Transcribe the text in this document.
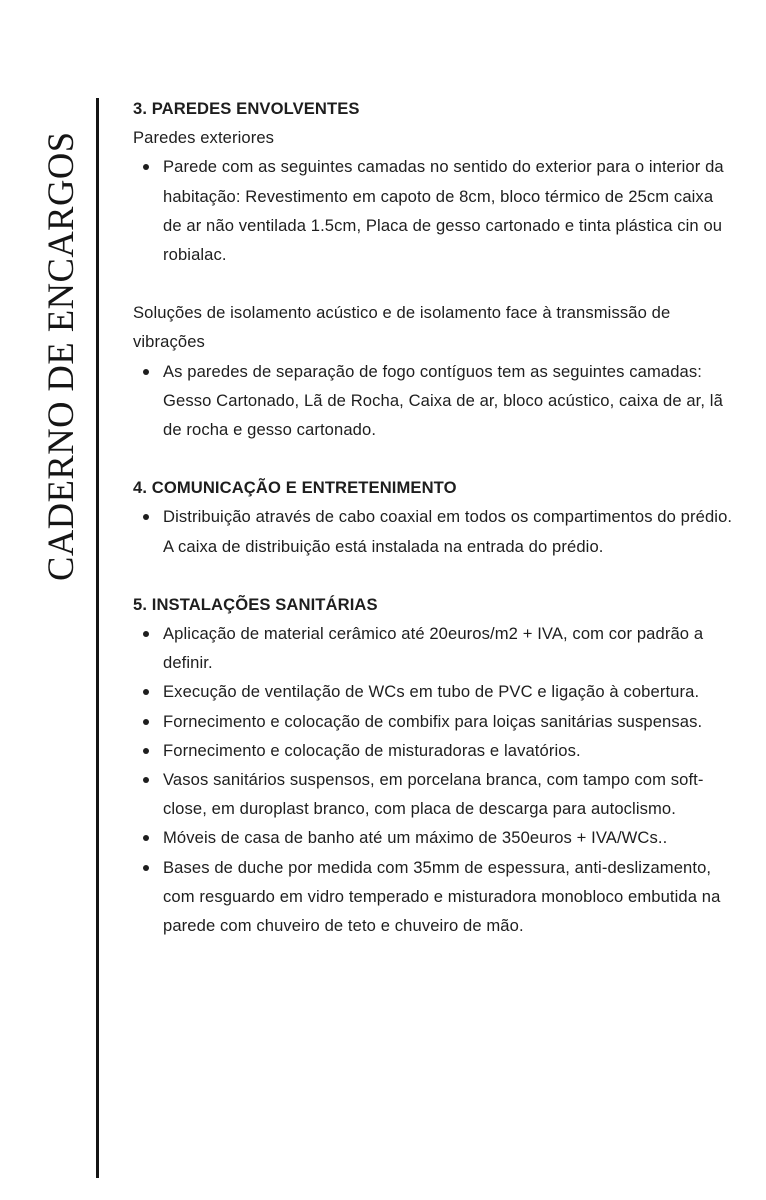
CADERNO DE ENCARGOS

3. PAREDES ENVOLVENTES

Paredes exteriores

Parede com as seguintes camadas no sentido do exterior para o interior da habitação: Revestimento em capoto de 8cm, bloco térmico de 25cm caixa de ar não ventilada 1.5cm, Placa de gesso cartonado e tinta plástica cin ou robialac.

Soluções de isolamento acústico e de isolamento face à transmissão de vibrações

As paredes de separação de fogo contíguos tem as seguintes camadas: Gesso Cartonado, Lã de Rocha, Caixa de ar, bloco acústico, caixa de ar, lã de rocha e gesso cartonado.

4. COMUNICAÇÃO E ENTRETENIMENTO

Distribuição através de cabo coaxial em todos os compartimentos do prédio. A caixa de distribuição está instalada na entrada do prédio.

5. INSTALAÇÕES SANITÁRIAS

Aplicação de material cerâmico até 20euros/m2 + IVA, com cor padrão a definir.
Execução de ventilação de WCs em tubo de PVC e ligação à cobertura.
Fornecimento e colocação de combifix para loiças sanitárias suspensas.
Fornecimento e colocação de misturadoras e lavatórios.
Vasos sanitários suspensos, em porcelana branca, com tampo com soft-close, em duroplast branco, com placa de descarga para autoclismo.
Móveis de casa de banho até um máximo de 350euros + IVA/WCs..
Bases de duche por medida com 35mm de espessura, anti-deslizamento, com resguardo em vidro temperado e misturadora monobloco embutida na parede com chuveiro de teto e chuveiro de mão.
